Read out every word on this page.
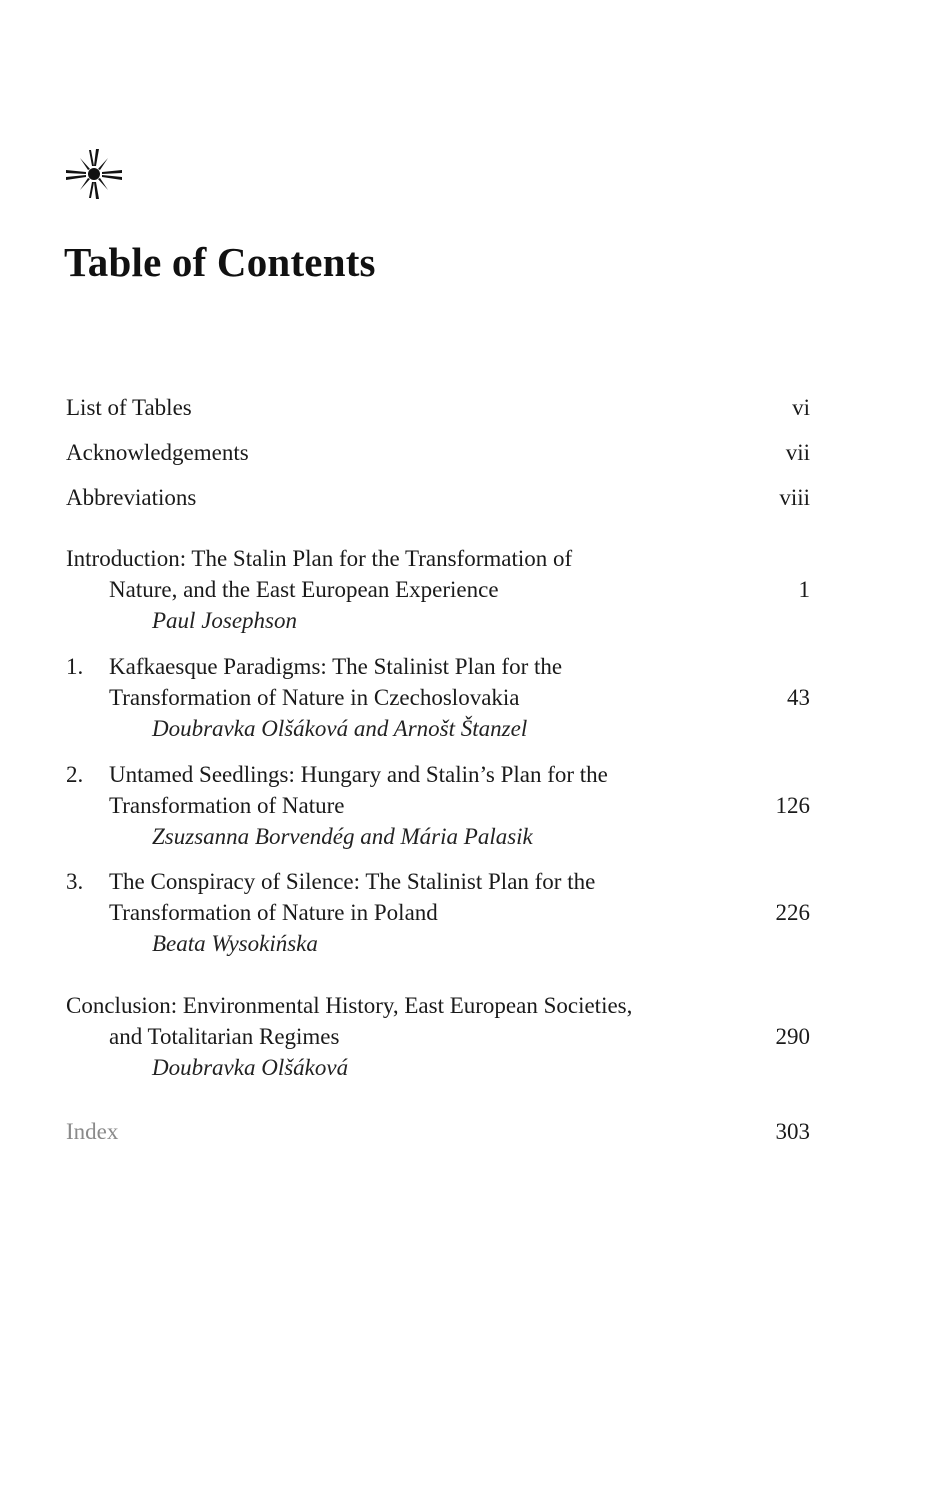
Table of Contents
List of Tables	vi
Acknowledgements	vii
Abbreviations	viii
Introduction: The Stalin Plan for the Transformation of
Nature, and the East European Experience	1
Paul Josephson
1. Kafkaesque Paradigms: The Stalinist Plan for the
Transformation of Nature in Czechoslovakia	43
Doubravka Olšáková and Arnošt Štanzel
2. Untamed Seedlings: Hungary and Stalin’s Plan for the
Transformation of Nature	126
Zsuzsanna Borvendég and Mária Palasik
3. The Conspiracy of Silence: The Stalinist Plan for the
Transformation of Nature in Poland	226
Beata Wysokińska
Conclusion: Environmental History, East European Societies,
and Totalitarian Regimes	290
Doubravka Olšáková
Index	303
